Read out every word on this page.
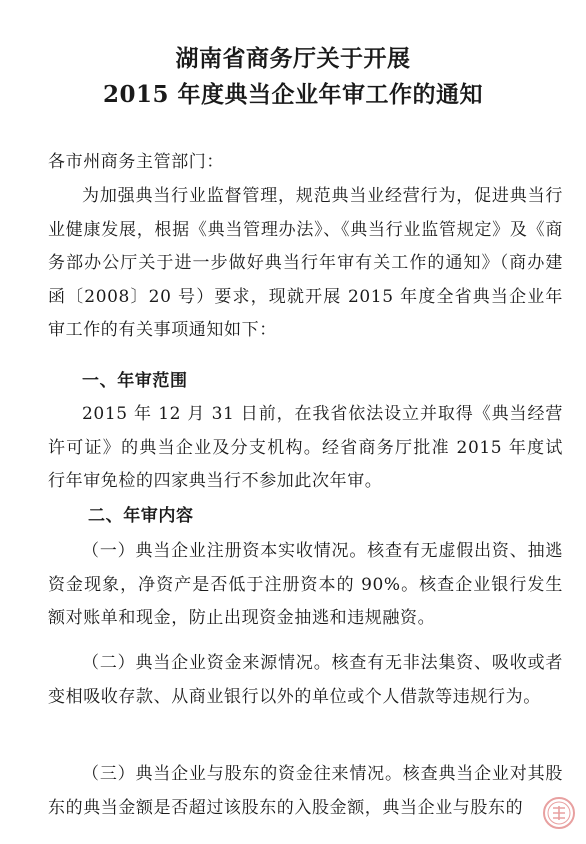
湖南省商务厅关于开展
2015 年度典当企业年审工作的通知
各市州商务主管部门：
为加强典当行业监督管理，规范典当业经营行为，促进典当行业健康发展，根据《典当管理办法》、《典当行业监管规定》及《商务部办公厅关于进一步做好典当行年审有关工作的通知》（商办建函〔2008〕20 号）要求，现就开展 2015 年度全省典当企业年审工作的有关事项通知如下：
一、年审范围
2015 年 12 月 31 日前，在我省依法设立并取得《典当经营许可证》的典当企业及分支机构。经省商务厅批准 2015 年度试行年审免检的四家典当行不参加此次年审。
二、年审内容
（一）典当企业注册资本实收情况。核查有无虚假出资、抽逃资金现象，净资产是否低于注册资本的 90%。核查企业银行发生额对账单和现金，防止出现资金抽逃和违规融资。
（二）典当企业资金来源情况。核查有无非法集资、吸收或者变相吸收存款、从商业银行以外的单位或个人借款等违规行为。
（三）典当企业与股东的资金往来情况。核查典当企业对其股东的典当金额是否超过该股东的入股金额，典当企业与股东的
